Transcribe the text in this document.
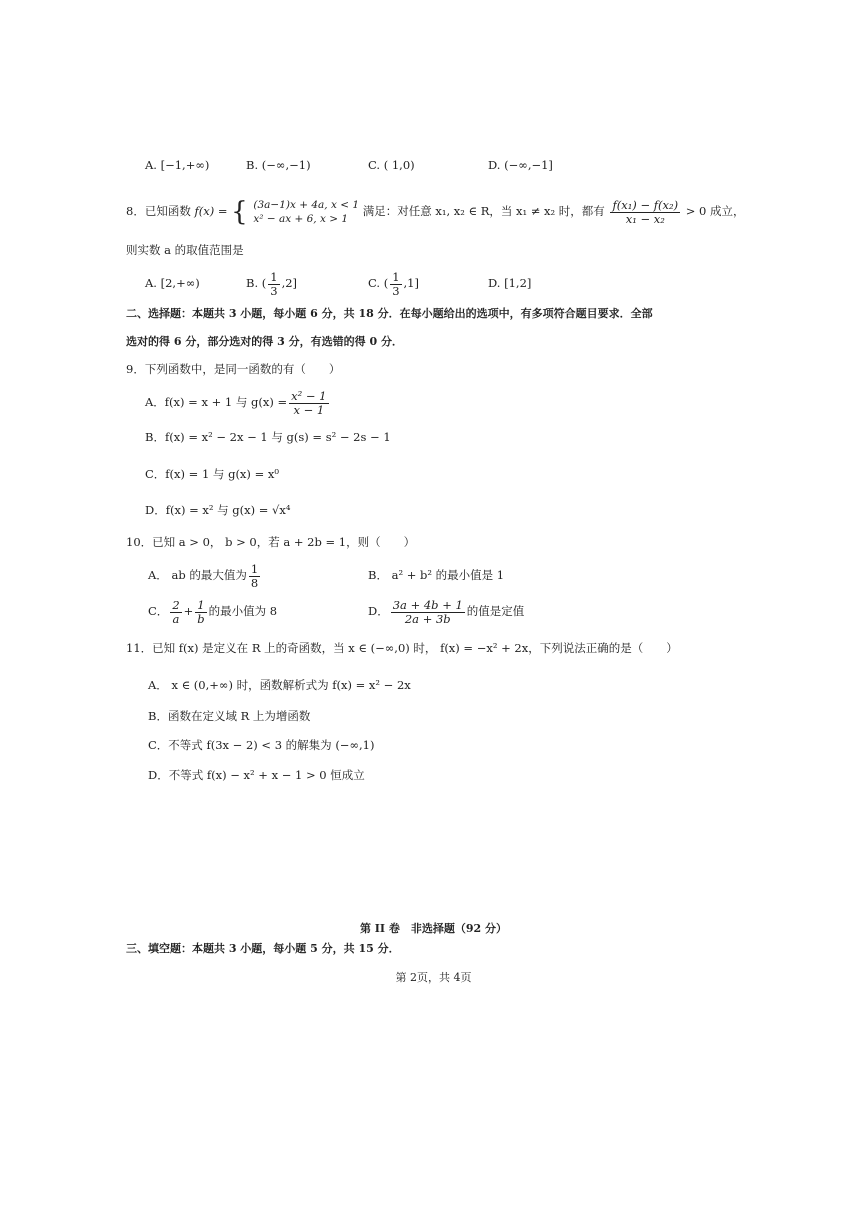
A. [−1,+∞)	B. (−∞,−1)	C. ( 1,0)	D. (−∞,−1]
8．已知函数 f(x) = { (3a−1)x + 4a, x < 1
x² − ax + 6, x > 1
满足：对任意 x₁, x₂ ∈ R，当 x₁ ≠ x₂ 时，都有 $\frac{\text{f(x₁) − f(x₂)}}{\text{x₁ − x₂}} > 0$ 成立，
则实数 a 的取值范围是
A. [2,+∞)	B. ( $\frac{1}{3} ,2$]	C. ( $\frac{1}{3} ,1$]	D. [1,2]
二、选择题：本题共 3 小题，每小题 6 分，共 18 分．在每小题给出的选项中，有多项符合题目要求．全部
选对的得 6 分，部分选对的得 3 分，有选错的得 0 分．
9．下列函数中，是同一函数的有（　　）
A．f(x) = x + 1 与 $g(x) = \frac{\text{x² − 1}}{x - 1}$
B．f(x) = x² − 2x − 1 与 g(s) = s² − 2s − 1
C．f(x) = 1 与 g(x) = x⁰
D．f(x) = x² 与 g(x) = √x⁴
10．已知 a > 0， b > 0，若 a + 2b = 1，则（　　）
A． ab 的最大值为 $\frac{1}{8}$	B． a² + b² 的最小值是 1
C． $\frac{2}{a} + \frac{1}{b}$ 的最小值为 8	D． $\frac{3a + 4b + 1}{2a + 3b}$ 的值是定值
11．已知 f(x) 是定义在 R 上的奇函数，当 x ∈ (−∞,0) 时， f(x) = −x² + 2x，下列说法正确的是（　　）
A． x ∈ (0,+∞) 时，函数解析式为 f(x) = x² − 2x
B．函数在定义域 R 上为增函数
C．不等式 f(3x − 2) < 3 的解集为 (−∞,1)
D．不等式 f(x) − x² + x − 1 > 0 恒成立
第 II 卷　非选择题（92 分）
三、填空题：本题共 3 小题，每小题 5 分，共 15 分．
第 2页，共 4页
